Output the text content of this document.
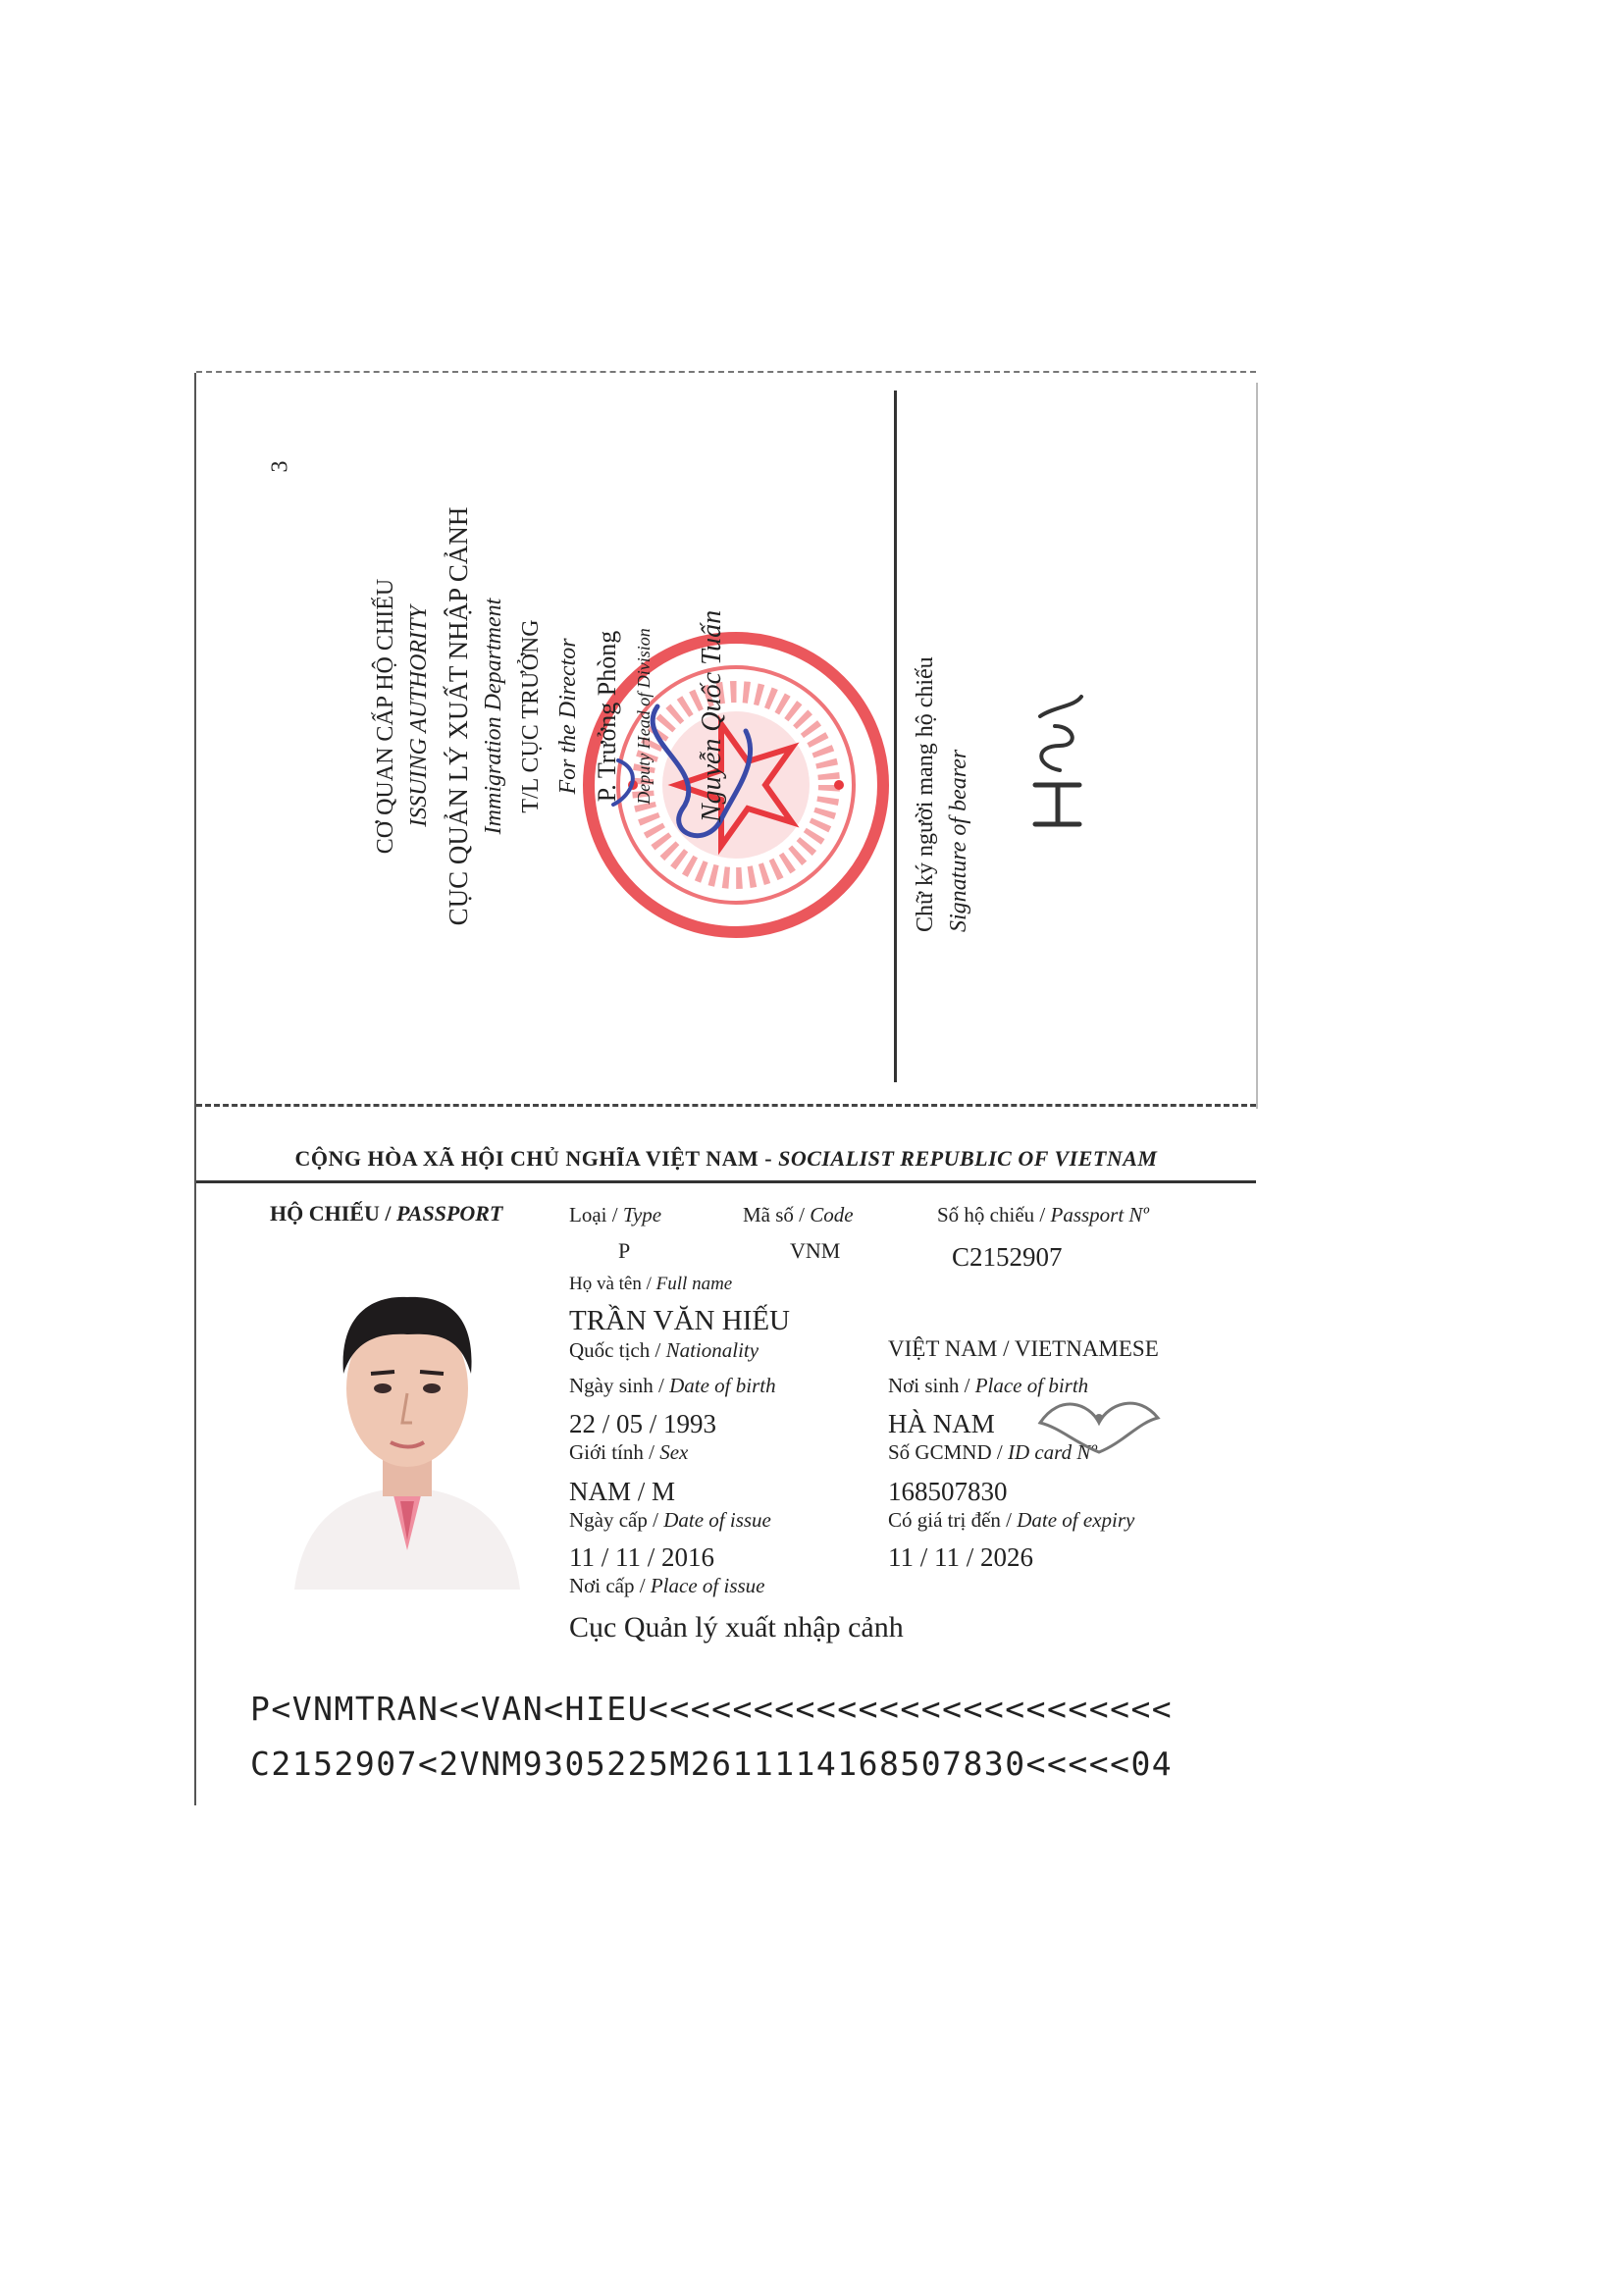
3
CƠ QUAN CẤP HỘ CHIẾU ISSUING AUTHORITY CỤC QUẢN LÝ XUẤT NHẬP CẢNH Immigration Department T/L CỤC TRƯỞNG For the Director P. Trưởng Phòng Deputy Head of Division Nguyễn Quốc Tuấn	Chữ ký người mang hộ chiếu Signature of bearer
CỘNG HÒA XÃ HỘI CHỦ NGHĨA VIỆT NAM - SOCIALIST REPUBLIC OF VIETNAM
HỘ CHIẾU / PASSPORT	Loại / Type
P
Mã số / Code
VNM
Số hộ chiếu / Passport Nº
C2152907
Họ và tên / Full name
TRẦN VĂN HIẾU
Quốc tịch / Nationality	VIỆT NAM / VIETNAMESE
Ngày sinh / Date of birth
22 / 05 / 1993
Nơi sinh / Place of birth
HÀ NAM
Giới tính / Sex
NAM / M
Số GCMND / ID card Nº
168507830
Ngày cấp / Date of issue
11 / 11 / 2016
Có giá trị đến / Date of expiry
11 / 11 / 2026
Nơi cấp / Place of issue
Cục Quản lý xuất nhập cảnh
P<VNMTRAN<<VAN<HIEU<<<<<<<<<<<<<<<<<<<<<<<<<
C2152907<2VNM9305225M2611114168507830<<<<<04
